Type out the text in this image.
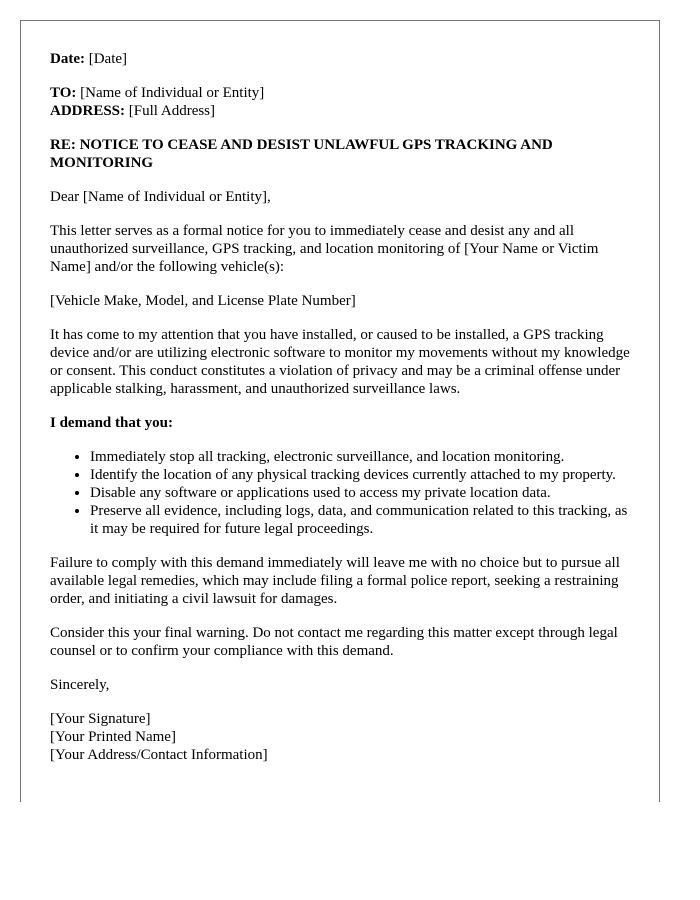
Date: [Date]

TO: [Name of Individual or Entity]
ADDRESS: [Full Address]

RE: NOTICE TO CEASE AND DESIST UNLAWFUL GPS TRACKING AND MONITORING

Dear [Name of Individual or Entity],

This letter serves as a formal notice for you to immediately cease and desist any and all unauthorized surveillance, GPS tracking, and location monitoring of [Your Name or Victim Name] and/or the following vehicle(s):

[Vehicle Make, Model, and License Plate Number]

It has come to my attention that you have installed, or caused to be installed, a GPS tracking device and/or are utilizing electronic software to monitor my movements without my knowledge or consent. This conduct constitutes a violation of privacy and may be a criminal offense under applicable stalking, harassment, and unauthorized surveillance laws.

I demand that you:

• Immediately stop all tracking, electronic surveillance, and location monitoring.
• Identify the location of any physical tracking devices currently attached to my property.
• Disable any software or applications used to access my private location data.
• Preserve all evidence, including logs, data, and communication related to this tracking, as it may be required for future legal proceedings.

Failure to comply with this demand immediately will leave me with no choice but to pursue all available legal remedies, which may include filing a formal police report, seeking a restraining order, and initiating a civil lawsuit for damages.

Consider this your final warning. Do not contact me regarding this matter except through legal counsel or to confirm your compliance with this demand.

Sincerely,

[Your Signature]
[Your Printed Name]
[Your Address/Contact Information]
